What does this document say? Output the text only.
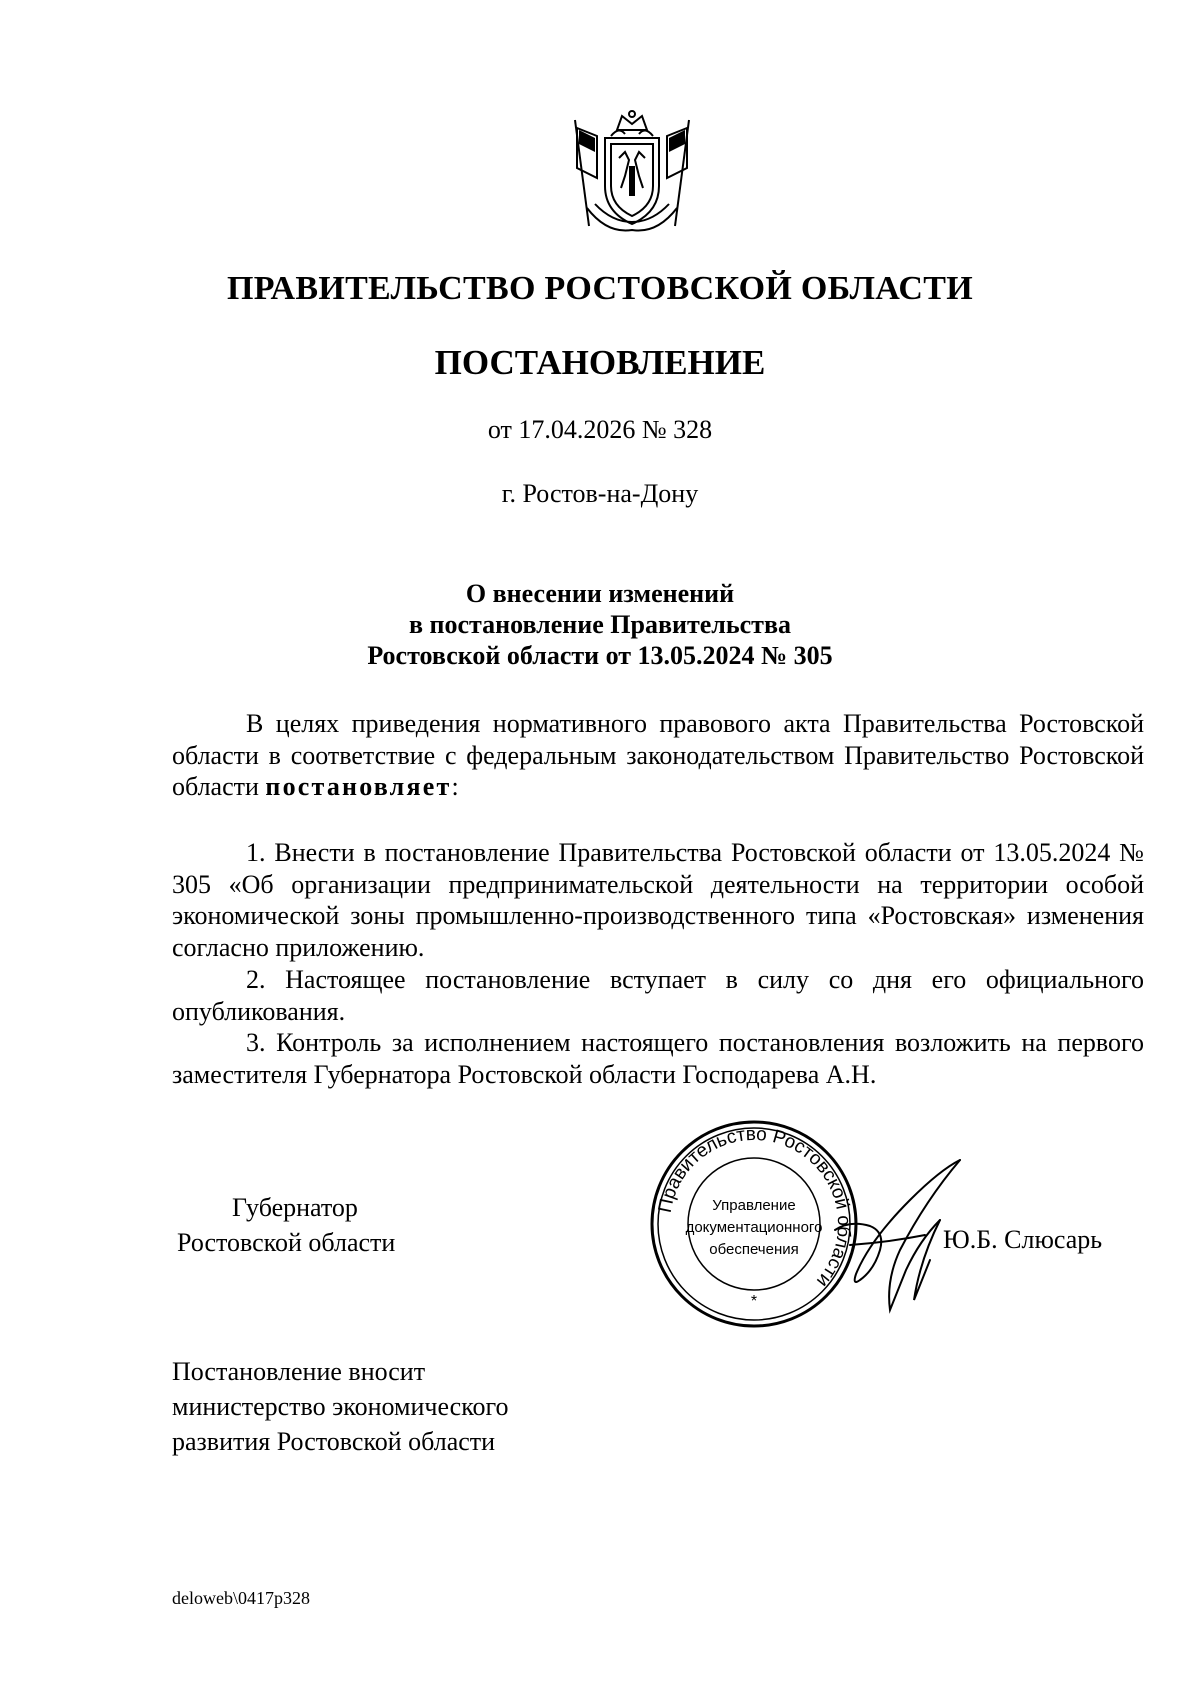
ПРАВИТЕЛЬСТВО РОСТОВСКОЙ ОБЛАСТИ
ПОСТАНОВЛЕНИЕ
от 17.04.2026 № 328
г. Ростов-на-Дону
О внесении изменений
в постановление Правительства
Ростовской области от 13.05.2024 № 305
В целях приведения нормативного правового акта Правительства Ростовской области в соответствие с федеральным законодательством Правительство Ростовской области постановляет:
1. Внести в постановление Правительства Ростовской области от 13.05.2024 № 305 «Об организации предпринимательской деятельности на территории особой экономической зоны промышленно-производственного типа «Ростовская» изменения согласно приложению.
2. Настоящее постановление вступает в силу со дня его официального опубликования.
3. Контроль за исполнением настоящего постановления возложить на первого заместителя Губернатора Ростовской области Господарева А.Н.
Губернатор
Ростовской области
Правительство Ростовской области
Управление
документационного
обеспечения
*
Ю.Б. Слюсарь
Постановление вносит
министерство экономического
развития Ростовской области
deloweb\0417p328
